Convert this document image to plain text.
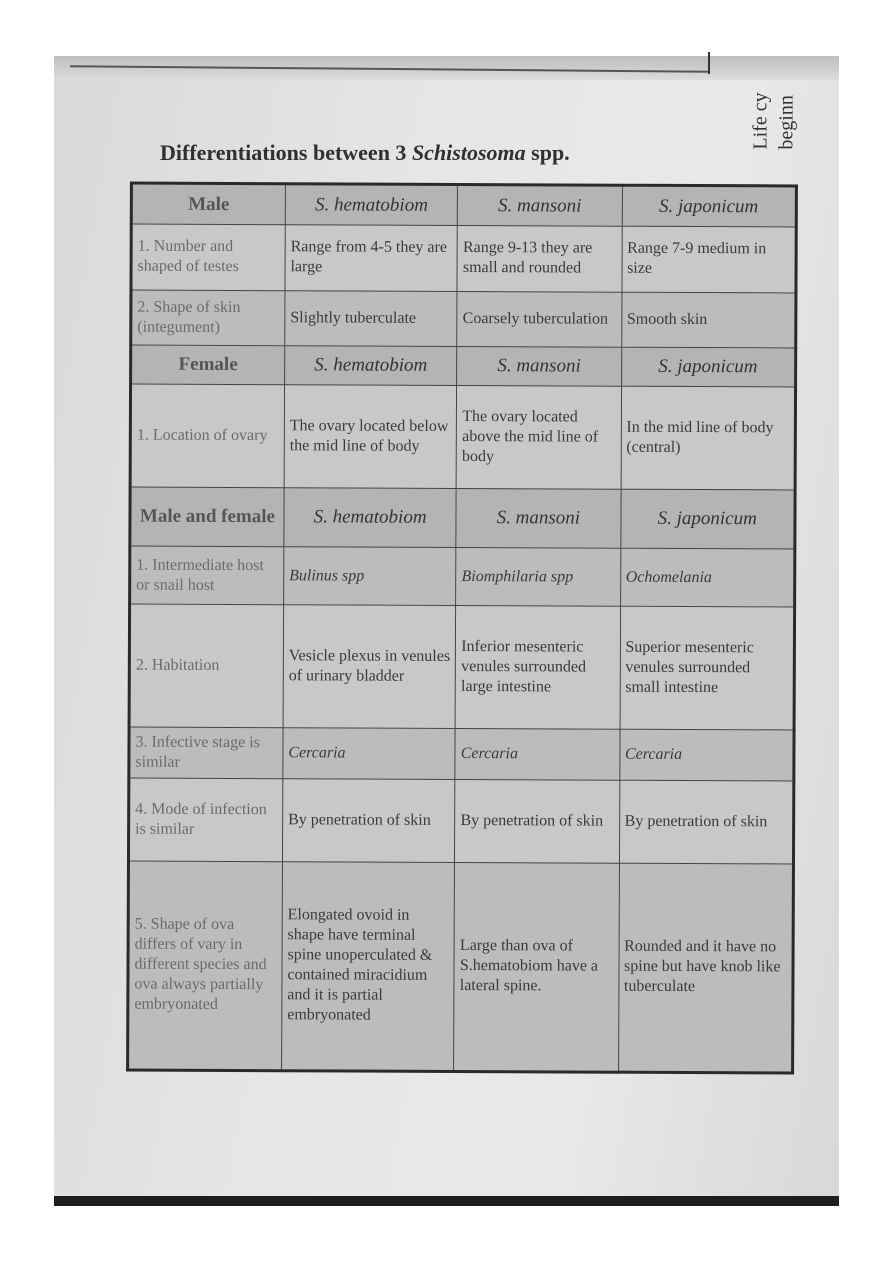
Life cy beginn
Differentiations between 3 Schistosoma spp.
Male	S. hematobiom	S. mansoni	S. japonicum
1. Number and shaped of testes	Range from 4-5 they are large	Range 9-13 they are small and rounded	Range 7-9 medium in size
2. Shape of skin (integument)	Slightly tuberculate	Coarsely tuberculation	Smooth skin
Female	S. hematobiom	S. mansoni	S. japonicum
1. Location of ovary	The ovary located below the mid line of body	The ovary located above the mid line of body	In the mid line of body (central)
Male and female	S. hematobiom	S. mansoni	S. japonicum
1. Intermediate host or snail host	Bulinus spp	Biomphilaria spp	Ochomelania
2. Habitation	Vesicle plexus in venules of urinary bladder	Inferior mesenteric venules surrounded large intestine	Superior mesenteric venules surrounded small intestine
3. Infective stage is similar	Cercaria	Cercaria	Cercaria
4. Mode of infection is similar	By penetration of skin	By penetration of skin	By penetration of skin
5. Shape of ova differs of vary in different species and ova always partially embryonated	Elongated ovoid in shape have terminal spine unoperculated & contained miracidium and it is partial embryonated	Large than ova of S.hematobiom have a lateral spine.	Rounded and it have no spine but have knob like tuberculate
